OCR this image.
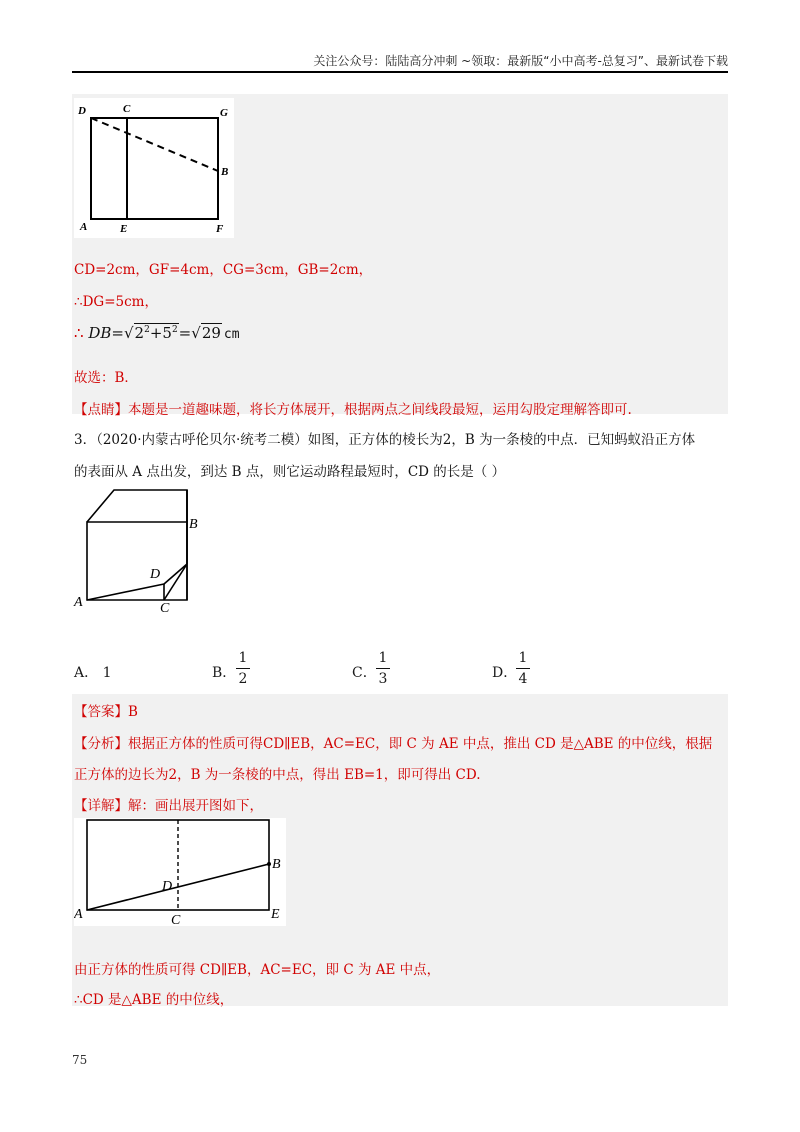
关注公众号：陆陆高分冲刺 ~领取：最新版“小中高考-总复习”、最新试卷下载
D	C	G
B
A	E	F
CD=2cm，GF=4cm，CG=3cm，GB=2cm，
∴DG=5cm，
∴ $DB=√2^2+5^2=√29$ cm
故选：B．
【点睛】本题是一道趣味题，将长方体展开，根据两点之间线段最短，运用勾股定理解答即可.
3．（2020·内蒙古呼伦贝尔·统考二模）如图，正方体的棱长为2，B 为一条棱的中点．已知蚂蚁沿正方体
的表面从 A 点出发，到达 B 点，则它运动路程最短时，CD 的长是（ ）
B
D
A	C
A． 1	B．
1
2	C．
1
3	D．
1
4
【答案】B
【分析】根据正方体的性质可得CD∥EB，AC=EC，即 C 为 AE 中点，推出 CD 是△ABE 的中位线，根据
正方体的边长为2，B 为一条棱的中点，得出 EB=1，即可得出 CD.
【详解】解：画出展开图如下，
B
D
A	C	E
由正方体的性质可得 CD∥EB，AC=EC，即 C 为 AE 中点，
∴CD 是△ABE 的中位线，
75
